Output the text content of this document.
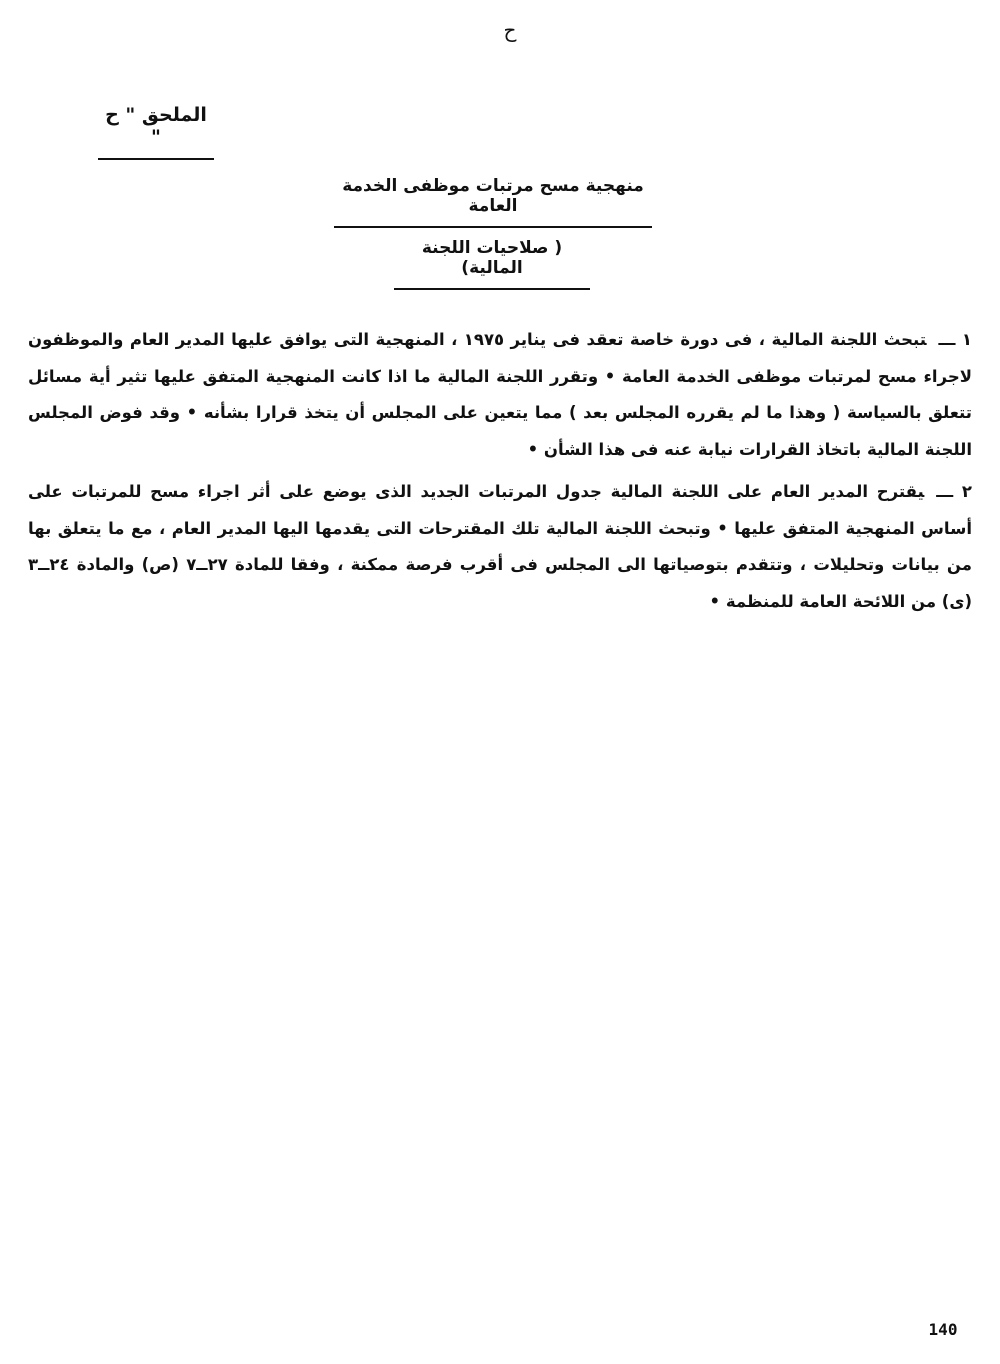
ح
الملحق " ح "
منهجية مسح مرتبات موظفى الخدمة العامة
( صلاحيات اللجنة المالية)

١ ـــتبحث اللجنة المالية ، فى دورة خاصة تعقد فى يناير ١٩٧٥ ، المنهجية التى يوافق عليها المدير العام والموظفون لاجراء مسح لمرتبات موظفى الخدمة العامة • وتقرر اللجنة المالية ما اذا كانت المنهجية المتفق عليها تثير أية مسائل تتعلق بالسياسة ( وهذا ما لم يقرره المجلس بعد ) مما يتعين على المجلس أن يتخذ قرارا بشأنه • وقد فوض المجلس اللجنة المالية باتخاذ القرارات نيابة عنه فى هذا الشأن •

٢ ـــيقترح المدير العام على اللجنة المالية جدول المرتبات الجديد الذى يوضع على أثر اجراء مسح للمرتبات على أساس المنهجية المتفق عليها • وتبحث اللجنة المالية تلك المقترحات التى يقدمها اليها المدير العام ، مع ما يتعلق بها من بيانات وتحليلات ، وتتقدم بتوصياتها الى المجلس فى أقرب فرصة ممكنة ، وفقا للمادة ٢٧ــ٧ (ص) والمادة ٢٤ــ٣ (ى) من اللائحة العامة للمنظمة •

140
